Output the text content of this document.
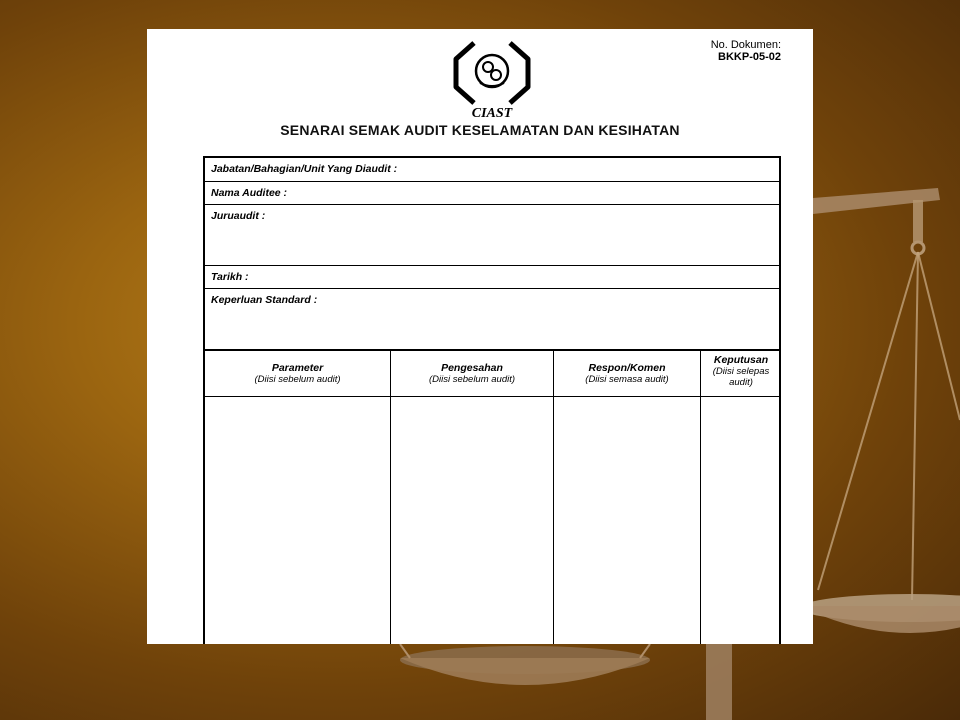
CIAST
No. Dokumen:
BKKP-05-02
SENARAI SEMAK AUDIT KESELAMATAN DAN KESIHATAN
Jabatan/Bahagian/Unit Yang Diaudit :
Nama Auditee :
Juruaudit :
Tarikh :
Keperluan Standard :
Parameter
(Diisi sebelum audit)
Pengesahan
(Diisi sebelum audit)
Respon/Komen
(Diisi semasa audit)
Keputusan
(Diisi selepas audit)
